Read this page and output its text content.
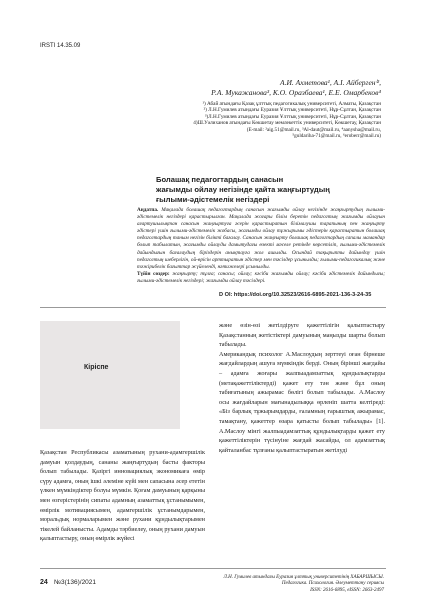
IRSTI 14.35.09
А.И. Ахметова¹, А.І. Айбергенⁱ²,
Р.А. Мукажанова³, К.О. Оразбаева¹, Е.Е. Омарбеков⁴
¹) Абай атындағы Қазақ ұлттық педагогикалық университеті, Алматы, Қазақстан
²) Л.Н.Гумилев атындағы Еуразия Ұлттық университеті, Нұр-Сұлтан, Қазақстан
³)Л.Н.Гумилев атындағы Еуразия Ұлттық университеті, Нұр-Сұлтан, Қазақстан
4)Ш.Уәлиханов атындағы Көкшетау мемлекеттік университеті, Көкшетау, Қазақстан
(E-mail: ²aig.51@mail.ru, ³Al-daut@mail.ru, ⁴aanysha@mail.ru,
⁵guldariha-71@mail.ru, ⁶eroberr@mail.ru)
Болашақ педагогтардың санасын
жағымды ойлау негізінде қайта жаңғыртудың
ғылыми-әдістемелік негіздері
Аңдатпа. Мақалада болашақ педагогтардың санасын жағымды ойлау негізінде жаңғыртудың ғылыми-әдістемелік негіздері қарастырылған. Мақалада жоғары білім беретін педагогтың жағымды ойлауын ағартушылықтан санасын жаңғыртуға әсерін қарастыратын білімалушы тарапының пен жаңғырту әдістері үшін ғылыми-әдістемелік жобасы, жағымды ойлау тұжырымы әдістерін қарастыратын болашақ педагогтардың таным негізін білікті бағалау. Санасын жаңғырту болашақ педагогтардың сапалы мамандар болып табылатын, жағымды ойлауды дамытудағы өзекті мәселе ретінде көрсетіліп, ғылыми-әдістемелік дайындығын бағалаудың біріздерін анықтауға жол ашылды. Осындай тақырыпты дайындау үшін педагогтың шеберлігін, ой-өрісін арттыратын әдістер мен тәсілдер ұсынылды; ғылыми-педагогикалық және тәжірибелік бағыттар жүйеленді, нәтижелері ұсынылды.
Түйін сөздер: жаңғырту; тұлға; санасы; ойлау; кәсіби жағымды ойлау; кәсіби әдістемелік дайындығы; ғылыми-әдістемелік негіздері; жағымды ойлау тәсілдері.
D OI: https://doi.org/10.32523/2616-6895-2021-136-3-24-35
Кіріспе
Қазақстан Республикасы азаматының рухани-адамгершілік дамуын қолдаудың, сананы жаңғыртудың басты факторы болып табылады. Қазіргі инновациялық экономикаға өмір сүру адамға, оның ішкі әлеміне күйі мен сапасына әсер ететін үлкен мүмкіндіктер болуы мүмкін. Қоғам дамуының қарқыны мен өзгерістерінің сипаты адамның азаматтық ұстанымымен, өмірлік мотивациясымен, адамгершілік ұстанымдарымен, моральдық нормаларымен және рухани құндылықтарымен тікелей байланысты. Адамды тәрбиелеу, оның рухани дамуын қалыптастыру, оның өмірлік жүйесі
және өзін-өзі жетілдіруге қажеттілігін қалыптастыру Қазақстанның жетістіктері дамуының маңызды шарты болып табылады.
Американдық психолог А.Маслоудың зерттеуі оған бірнеше жағдайлардың ашуға мүмкіндік берді. Оның бірінші жағдайы – адамға жоғары жалпыадамзаттық құндылықтарды (метақажеттіліктерді) қажет ету тән және бұл оның табиғатының ажырамас бөлігі болып табылады. А.Маслоу осы жағдайларын мағынадылыққа өрленіп шатта келтіреді: «Біз барлық тұжырымдарды, ғаламның ғарыштық ажырамас, тамақтану, қажеттер өзара қатысты болып табылады» [1]. А.Маслоу мінгі жалпыадамзаттық құндылықтарды қажет ету қажеттіліктерін түсінуіне жағдай жасайды, ол адамзаттық қайталанбас тұлғаны қалыптастыратын жетілуді
24 №3(136)/2021
Л.Н. Гумилев атындағы Еуразия ұлттық университетінің ХАБАРШЫСЫ.
Педагогика. Психология. Әлеуметтану сериясы
ISSN: 2616-6895, eISSN: 2663-2497
